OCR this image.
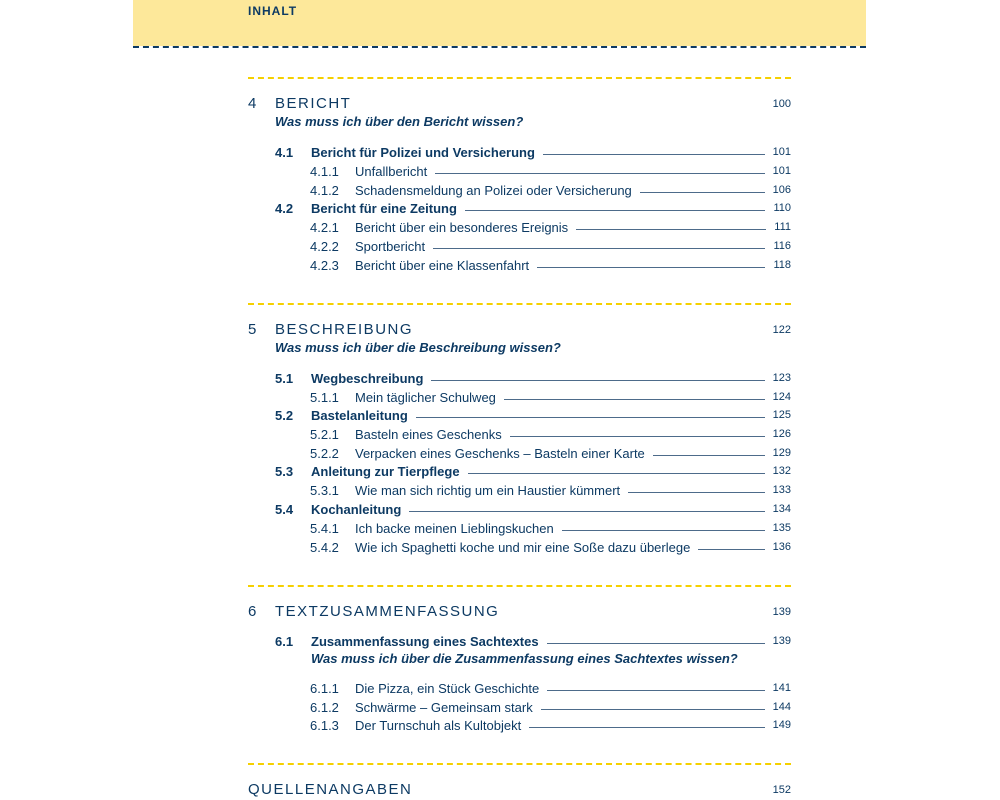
INHALT
4	BERICHT	100
Was muss ich über den Bericht wissen?
4.1	Bericht für Polizei und Versicherung	101
4.1.1	Unfallbericht	101
4.1.2	Schadensmeldung an Polizei oder Versicherung	106
4.2	Bericht für eine Zeitung	110
4.2.1	Bericht über ein besonderes Ereignis	111
4.2.2	Sportbericht	116
4.2.3	Bericht über eine Klassenfahrt	118
5	BESCHREIBUNG	122
Was muss ich über die Beschreibung wissen?
5.1	Wegbeschreibung	123
5.1.1	Mein täglicher Schulweg	124
5.2	Bastelanleitung	125
5.2.1	Basteln eines Geschenks	126
5.2.2	Verpacken eines Geschenks – Basteln einer Karte	129
5.3	Anleitung zur Tierpflege	132
5.3.1	Wie man sich richtig um ein Haustier kümmert	133
5.4	Kochanleitung	134
5.4.1	Ich backe meinen Lieblingskuchen	135
5.4.2	Wie ich Spaghetti koche und mir eine Soße dazu überlege	136
6	TEXTZUSAMMENFASSUNG	139
6.1	Zusammenfassung eines Sachtextes	139
Was muss ich über die Zusammenfassung eines Sachtextes wissen?
6.1.1	Die Pizza, ein Stück Geschichte	141
6.1.2	Schwärme – Gemeinsam stark	144
6.1.3	Der Turnschuh als Kultobjekt	149
QUELLENANGABEN	152
